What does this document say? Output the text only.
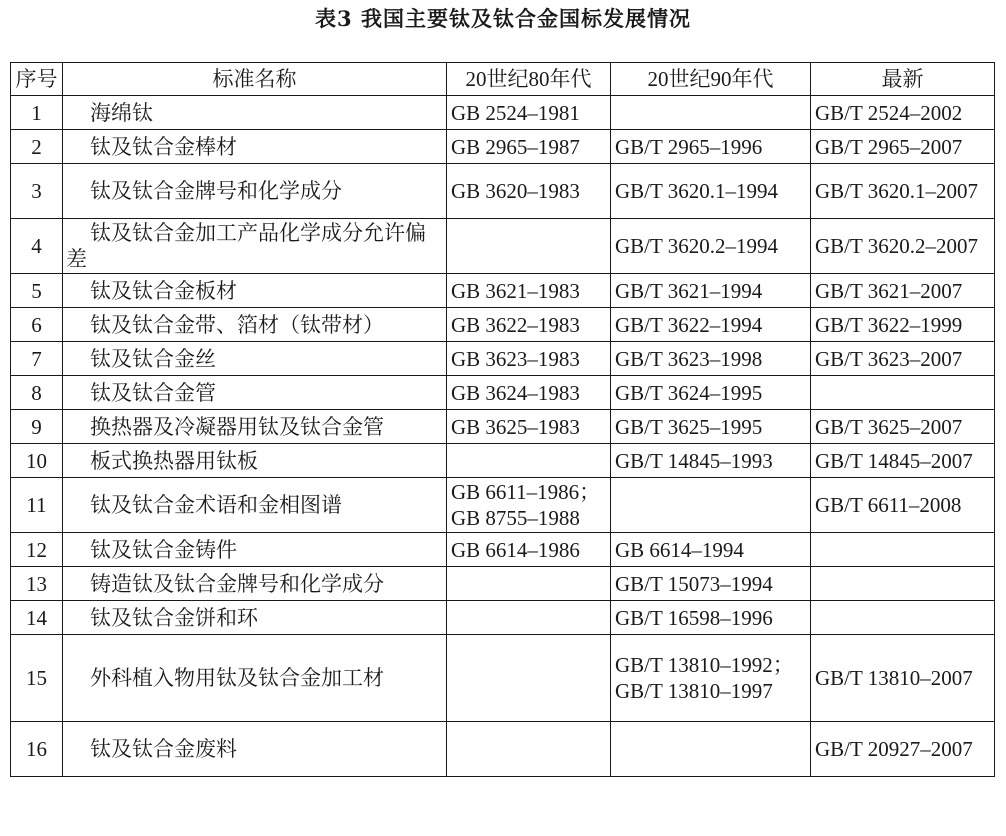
表3 我国主要钛及钛合金国标发展情况
序号	标准名称	20世纪80年代	20世纪90年代	最新
1	海绵钛	GB 2524–1981		GB/T 2524–2002
2	钛及钛合金棒材	GB 2965–1987	GB/T 2965–1996	GB/T 2965–2007
3	钛及钛合金牌号和化学成分	GB 3620–1983	GB/T 3620.1–1994	GB/T 3620.1–2007
4	钛及钛合金加工产品化学成分允许偏差		GB/T 3620.2–1994	GB/T 3620.2–2007
5	钛及钛合金板材	GB 3621–1983	GB/T 3621–1994	GB/T 3621–2007
6	钛及钛合金带、箔材（钛带材）	GB 3622–1983	GB/T 3622–1994	GB/T 3622–1999
7	钛及钛合金丝	GB 3623–1983	GB/T 3623–1998	GB/T 3623–2007
8	钛及钛合金管	GB 3624–1983	GB/T 3624–1995	
9	换热器及冷凝器用钛及钛合金管	GB 3625–1983	GB/T 3625–1995	GB/T 3625–2007
10	板式换热器用钛板		GB/T 14845–1993	GB/T 14845–2007
11	钛及钛合金术语和金相图谱	GB 6611–1986；
GB 8755–1988		GB/T 6611–2008
12	钛及钛合金铸件	GB 6614–1986	GB 6614–1994	
13	铸造钛及钛合金牌号和化学成分		GB/T 15073–1994	
14	钛及钛合金饼和环		GB/T 16598–1996	
15	外科植入物用钛及钛合金加工材		GB/T 13810–1992；GB/T 13810–1997	GB/T 13810–2007
16	钛及钛合金废料			GB/T 20927–2007
